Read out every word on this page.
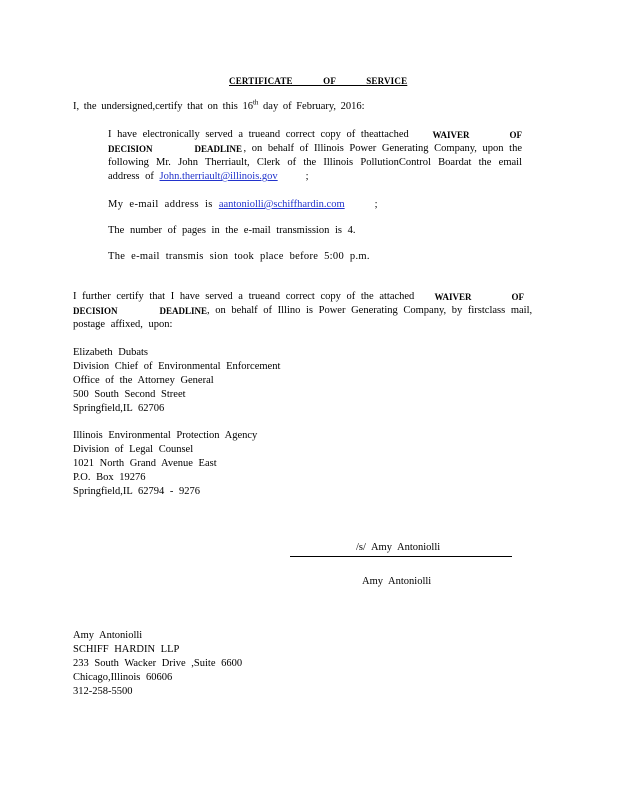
CERTIFICATE OF SERVICE
I, the undersigned,certify that on this 16th day of February, 2016:
I have electronically served a trueand correct copy of theattached	WAIVER	OF
DECISION	DEADLINE , on behalf of Illinois Power Generating Company, upon the
following Mr. John Therriault, Clerk of the Illinois PollutionControl Boardat the email
address of John.therriault@illinois.gov	;
My e-mail address is aantoniolli@schiffhardin.com	;
The number of pages in the e-mail transmission is 4.
The e-mail transmis sion took place before 5:00 p.m.
I further certify that I have served a trueand correct copy of the attached WAIVER	OF
DECISION	DEADLINE , on behalf of Illino is Power Generating Company, by firstclass mail,
postage affixed, upon:
Elizabeth Dubats
Division Chief of Environmental Enforcement
Office of the Attorney General
500 South Second Street
Springfield,IL 62706
Illinois Environmental Protection Agency
Division of Legal Counsel
1021 North Grand Avenue East
P.O. Box 19276
Springfield,IL 62794 - 9276
/s/ Amy Antoniolli
Amy Antoniolli
Amy Antoniolli
SCHIFF HARDIN LLP
233 South Wacker Drive ,Suite 6600
Chicago,Illinois 60606
312-258-5500
